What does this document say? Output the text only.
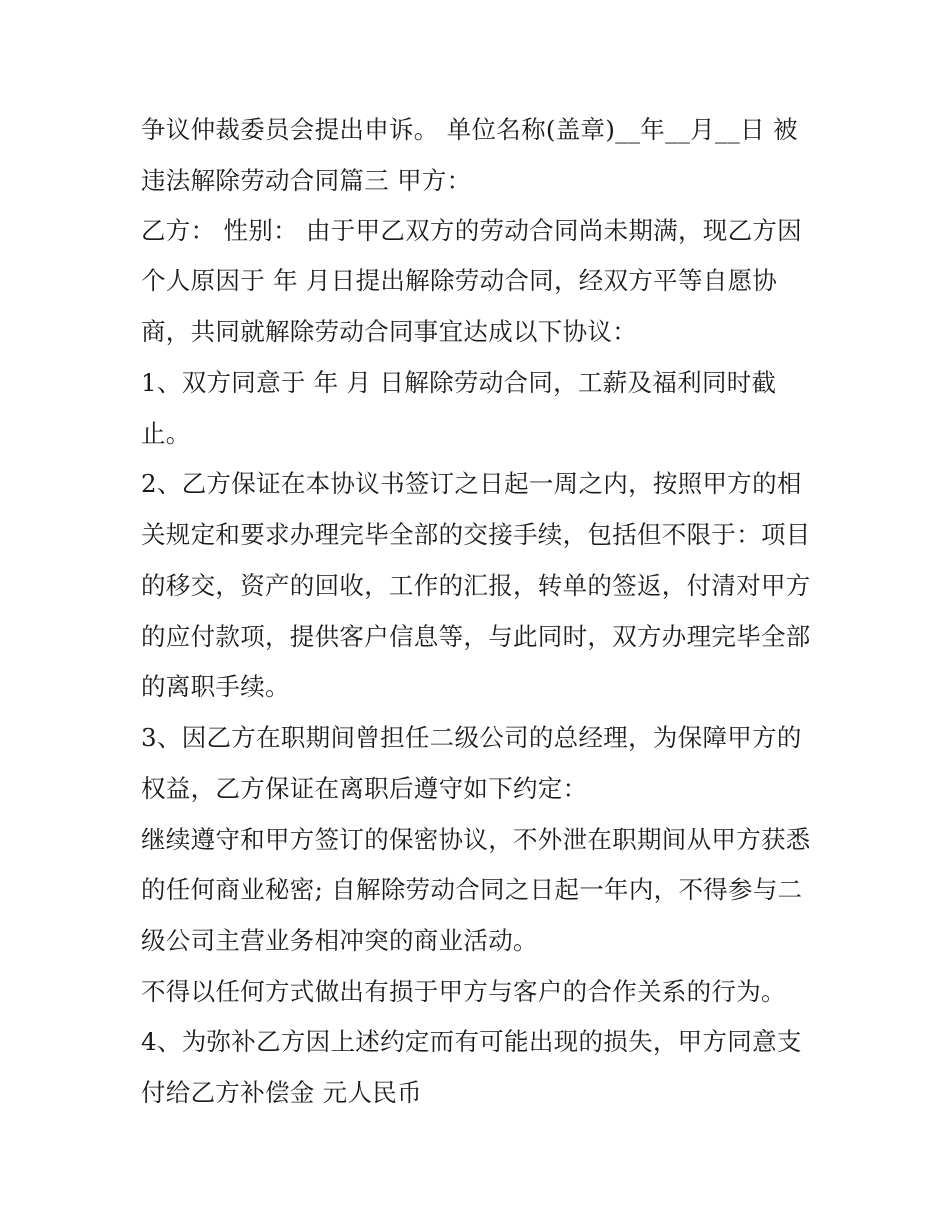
争议仲裁委员会提出申诉。 单位名称(盖章)__年__月__日 被
违法解除劳动合同篇三 甲方：
乙方： 性别： 由于甲乙双方的劳动合同尚未期满，现乙方因
个人原因于 年 月日提出解除劳动合同，经双方平等自愿协
商，共同就解除劳动合同事宜达成以下协议：
1、双方同意于 年 月 日解除劳动合同，工薪及福利同时截
止。
2、乙方保证在本协议书签订之日起一周之内，按照甲方的相
关规定和要求办理完毕全部的交接手续，包括但不限于：项目
的移交，资产的回收，工作的汇报，转单的签返，付清对甲方
的应付款项，提供客户信息等，与此同时，双方办理完毕全部
的离职手续。
3、因乙方在职期间曾担任二级公司的总经理，为保障甲方的
权益，乙方保证在离职后遵守如下约定：
继续遵守和甲方签订的保密协议，不外泄在职期间从甲方获悉
的任何商业秘密; 自解除劳动合同之日起一年内，不得参与二
级公司主营业务相冲突的商业活动。
不得以任何方式做出有损于甲方与客户的合作关系的行为。
4、为弥补乙方因上述约定而有可能出现的损失，甲方同意支
付给乙方补偿金 元人民币
